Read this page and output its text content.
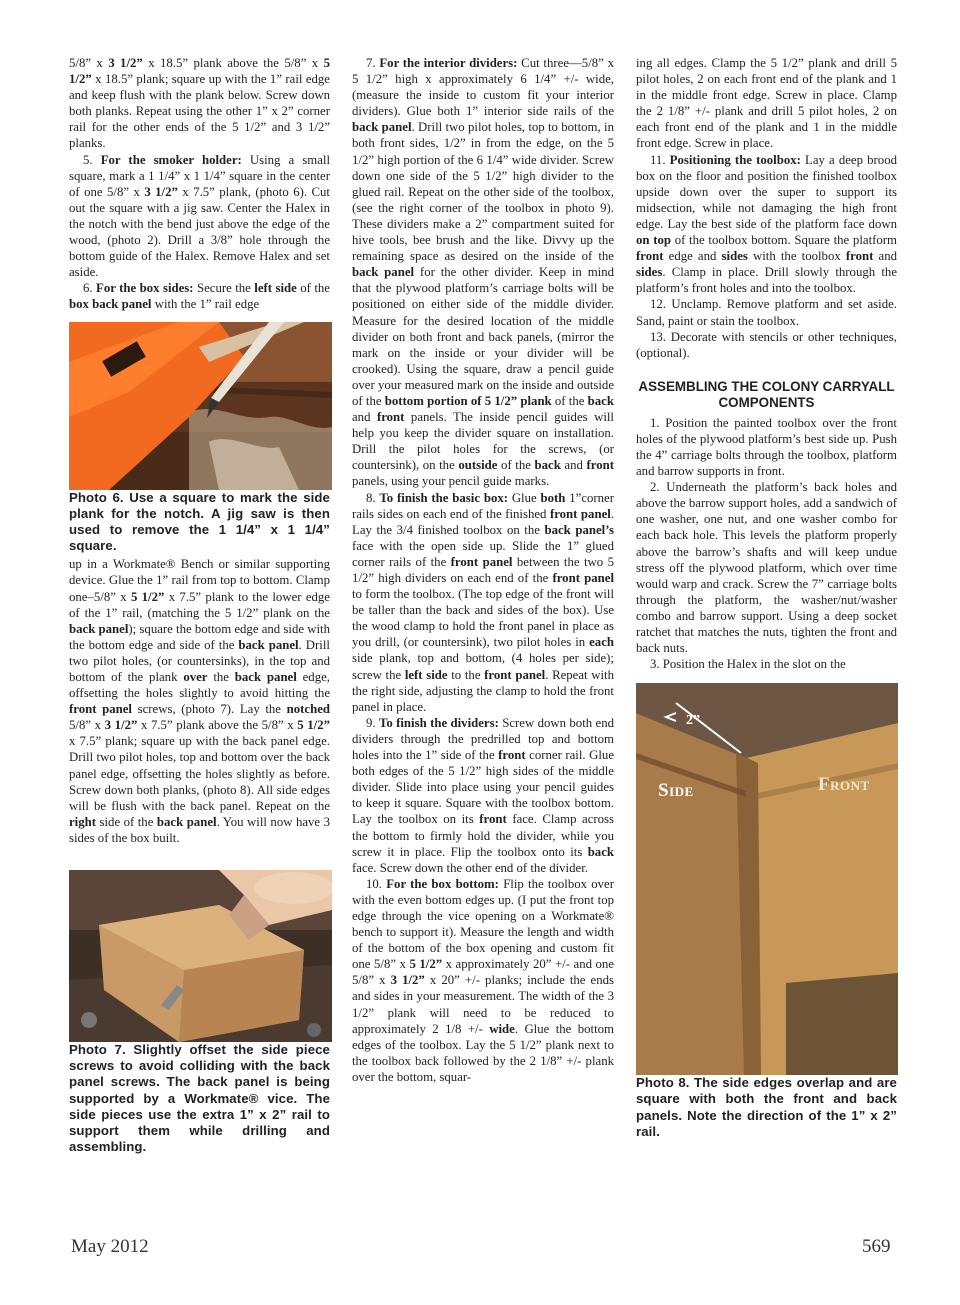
5/8” x 3 1/2” x 18.5” plank above the 5/8” x 5 1/2” x 18.5” plank; square up with the 1” rail edge and keep flush with the plank below. Screw down both planks. Repeat using the other 1” x 2” corner rail for the other ends of the 5 1/2” and 3 1/2” planks.

5. For the smoker holder: Using a small square, mark a 1 1/4” x 1 1/4” square in the center of one 5/8” x 3 1/2” x 7.5” plank, (photo 6). Cut out the square with a jig saw. Center the Halex in the notch with the bend just above the edge of the wood, (photo 2). Drill a 3/8” hole through the bottom guide of the Halex. Remove Halex and set aside.

6. For the box sides: Secure the left side of the box back panel with the 1” rail edge

Photo 6. Use a square to mark the side plank for the notch. A jig saw is then used to remove the 1 1/4” x 1 1/4” square.

up in a Workmate® Bench or similar supporting device. Glue the 1” rail from top to bottom. Clamp one–5/8” x 5 1/2” x 7.5” plank to the lower edge of the 1” rail, (matching the 5 1/2” plank on the back panel); square the bottom edge and side with the bottom edge and side of the back panel. Drill two pilot holes, (or countersinks), in the top and bottom of the plank over the back panel edge, offsetting the holes slightly to avoid hitting the front panel screws, (photo 7). Lay the notched 5/8” x 3 1/2” x 7.5” plank above the 5/8” x 5 1/2” x 7.5” plank; square up with the back panel edge. Drill two pilot holes, top and bottom over the back panel edge, offsetting the holes slightly as before. Screw down both planks, (photo 8). All side edges will be flush with the back panel. Repeat on the right side of the back panel. You will now have 3 sides of the box built.

Photo 7. Slightly offset the side piece screws to avoid colliding with the back panel screws. The back panel is being supported by a Workmate® vice. The side pieces use the extra 1” x 2” rail to support them while drilling and assembling.

7. For the interior dividers: Cut three—5/8” x 5 1/2” high x approximately 6 1/4” +/- wide, (measure the inside to custom fit your interior dividers). Glue both 1” interior side rails of the back panel. Drill two pilot holes, top to bottom, in both front sides, 1/2” in from the edge, on the 5 1/2” high portion of the 6 1/4” wide divider. Screw down one side of the 5 1/2” high divider to the glued rail. Repeat on the other side of the toolbox, (see the right corner of the toolbox in photo 9). These dividers make a 2” compartment suited for hive tools, bee brush and the like. Divvy up the remaining space as desired on the inside of the back panel for the other divider. Keep in mind that the plywood platform’s carriage bolts will be positioned on either side of the middle divider. Measure for the desired location of the middle divider on both front and back panels, (mirror the mark on the inside or your divider will be crooked). Using the square, draw a pencil guide over your measured mark on the inside and outside of the bottom portion of 5 1/2” plank of the back and front panels. The inside pencil guides will help you keep the divider square on installation. Drill the pilot holes for the screws, (or countersink), on the outside of the back and front panels, using your pencil guide marks.

8. To finish the basic box: Glue both 1”corner rails sides on each end of the finished front panel. Lay the 3/4 finished toolbox on the back panel’s face with the open side up. Slide the 1” glued corner rails of the front panel between the two 5 1/2” high dividers on each end of the front panel to form the toolbox. (The top edge of the front will be taller than the back and sides of the box). Use the wood clamp to hold the front panel in place as you drill, (or countersink), two pilot holes in each side plank, top and bottom, (4 holes per side); screw the left side to the front panel. Repeat with the right side, adjusting the clamp to hold the front panel in place.

9. To finish the dividers: Screw down both end dividers through the predrilled top and bottom holes into the 1” side of the front corner rail. Glue both edges of the 5 1/2” high sides of the middle divider. Slide into place using your pencil guides to keep it square. Square with the toolbox bottom. Lay the toolbox on its front face. Clamp across the bottom to firmly hold the divider, while you screw it in place. Flip the toolbox onto its back face. Screw down the other end of the divider.

10. For the box bottom: Flip the toolbox over with the even bottom edges up. (I put the front top edge through the vice opening on a Workmate® bench to support it). Measure the length and width of the bottom of the box opening and custom fit one 5/8” x 5 1/2” x approximately 20” +/- and one 5/8” x 3 1/2” x 20” +/- planks; include the ends and sides in your measurement. The width of the 3 1/2” plank will need to be reduced to approximately 2 1/8 +/- wide. Glue the bottom edges of the toolbox. Lay the 5 1/2” plank next to the toolbox back followed by the 2 1/8” +/- plank over the bottom, squar-

ing all edges. Clamp the 5 1/2” plank and drill 5 pilot holes, 2 on each front end of the plank and 1 in the middle front edge. Screw in place. Clamp the 2 1/8” +/- plank and drill 5 pilot holes, 2 on each front end of the plank and 1 in the middle front edge. Screw in place.

11. Positioning the toolbox: Lay a deep brood box on the floor and position the finished toolbox upside down over the super to support its midsection, while not damaging the high front edge. Lay the best side of the platform face down on top of the toolbox bottom. Square the platform front edge and sides with the toolbox front and sides. Clamp in place. Drill slowly through the platform’s front holes and into the toolbox.

12. Unclamp. Remove platform and set aside. Sand, paint or stain the toolbox.

13. Decorate with stencils or other techniques, (optional).

ASSEMBLING THE COLONY CARRYALL COMPONENTS

1. Position the painted toolbox over the front holes of the plywood platform’s best side up. Push the 4” carriage bolts through the toolbox, platform and barrow supports in front.

2. Underneath the platform’s back holes and above the barrow support holes, add a sandwich of one washer, one nut, and one washer combo for each back hole. This levels the platform properly above the barrow’s shafts and will keep undue stress off the plywood platform, which over time would warp and crack. Screw the 7” carriage bolts through the platform, the washer/nut/washer combo and barrow support. Using a deep socket ratchet that matches the nuts, tighten the front and back nuts.

3. Position the Halex in the slot on the

2”
Side	Front

Photo 8. The side edges overlap and are square with both the front and back panels. Note the direction of the 1” x 2” rail.

May 2012	569
